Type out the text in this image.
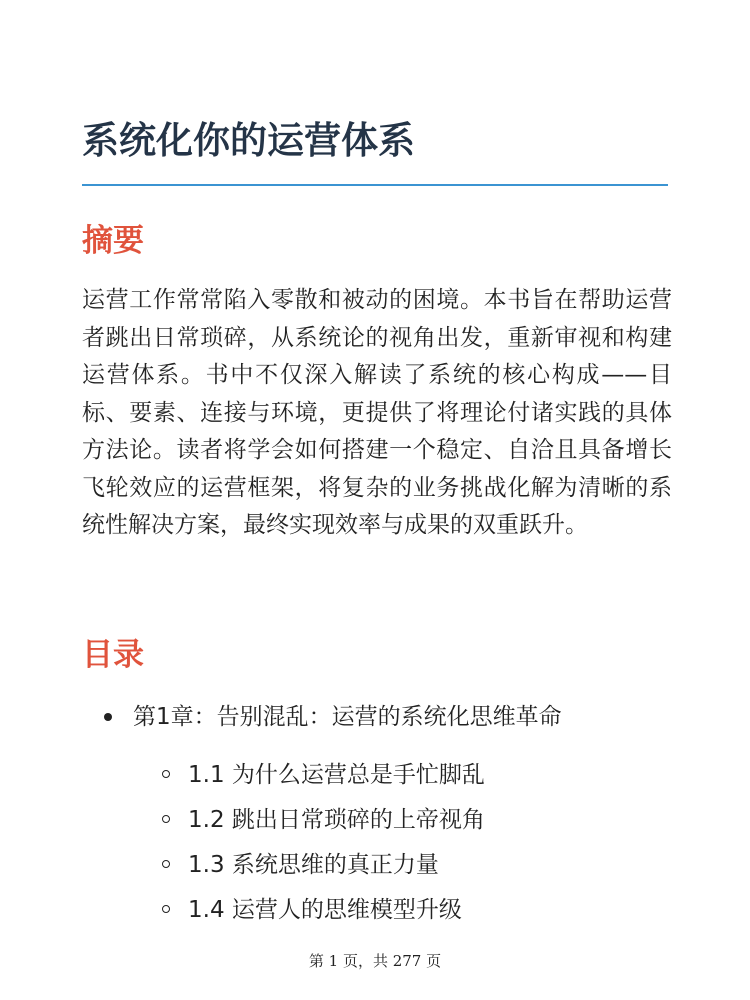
系统化你的运营体系
摘要

运营工作常常陷入零散和被动的困境。本书旨在帮助运营者跳出日常琐碎，从系统论的视角出发，重新审视和构建运营体系。书中不仅深入解读了系统的核心构成——目标、要素、连接与环境，更提供了将理论付诸实践的具体方法论。读者将学会如何搭建一个稳定、自洽且具备增长飞轮效应的运营框架，将复杂的业务挑战化解为清晰的系统性解决方案，最终实现效率与成果的双重跃升。

目录
第1章：告别混乱：运营的系统化思维革命
1.1 为什么运营总是手忙脚乱
1.2 跳出日常琐碎的上帝视角
1.3 系统思维的真正力量
1.4 运营人的思维模型升级
第 1 页，共 277 页
